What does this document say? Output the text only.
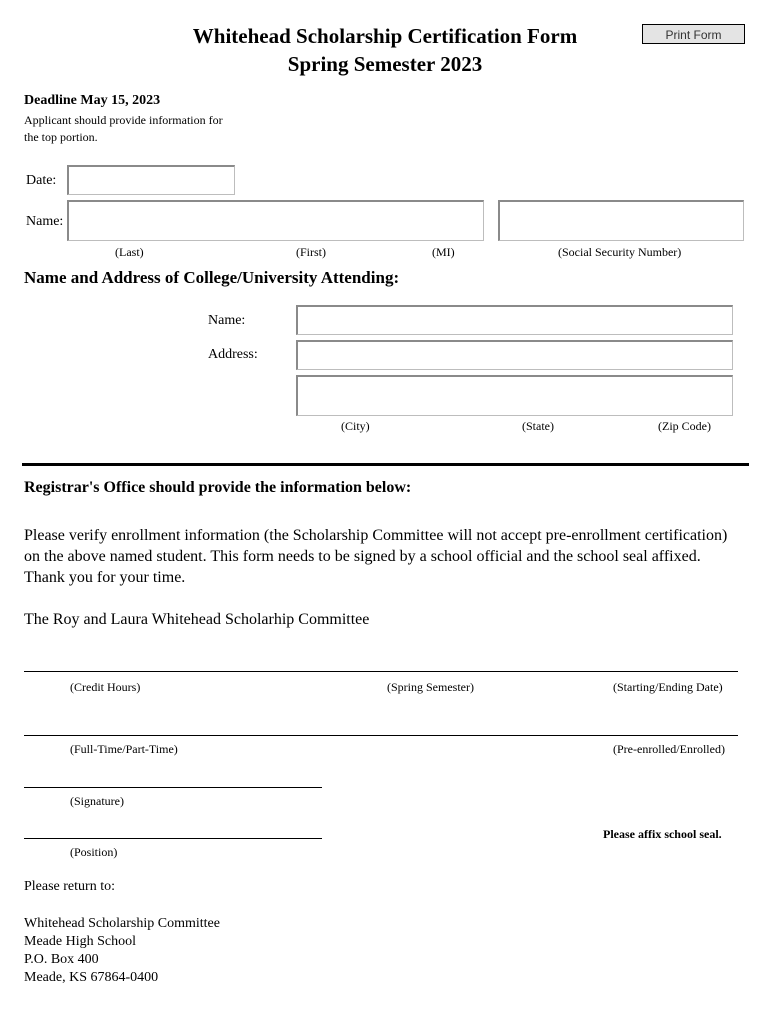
Whitehead Scholarship Certification Form
Spring Semester 2023
Print Form
Deadline May 15, 2023
Applicant should provide information for
the top portion.
Date:
Name:
(Last)	(First)	(MI)	(Social Security Number)
Name and Address of College/University Attending:
Name:
Address:
(City)	(State)	(Zip Code)
Registrar's Office should provide the information below:
Please verify enrollment information (the Scholarship Committee will not accept pre-enrollment certification) on the above named student. This form needs to be signed by a school official and the school seal affixed. Thank you for your time.
The Roy and Laura Whitehead Scholarhip Committee
(Credit Hours)	(Spring Semester)	(Starting/Ending Date)
(Full-Time/Part-Time)	(Pre-enrolled/Enrolled)
(Signature)
(Position)
Please affix school seal.
Please return to:
Whitehead Scholarship Committee
Meade High School
P.O. Box 400
Meade, KS 67864-0400
